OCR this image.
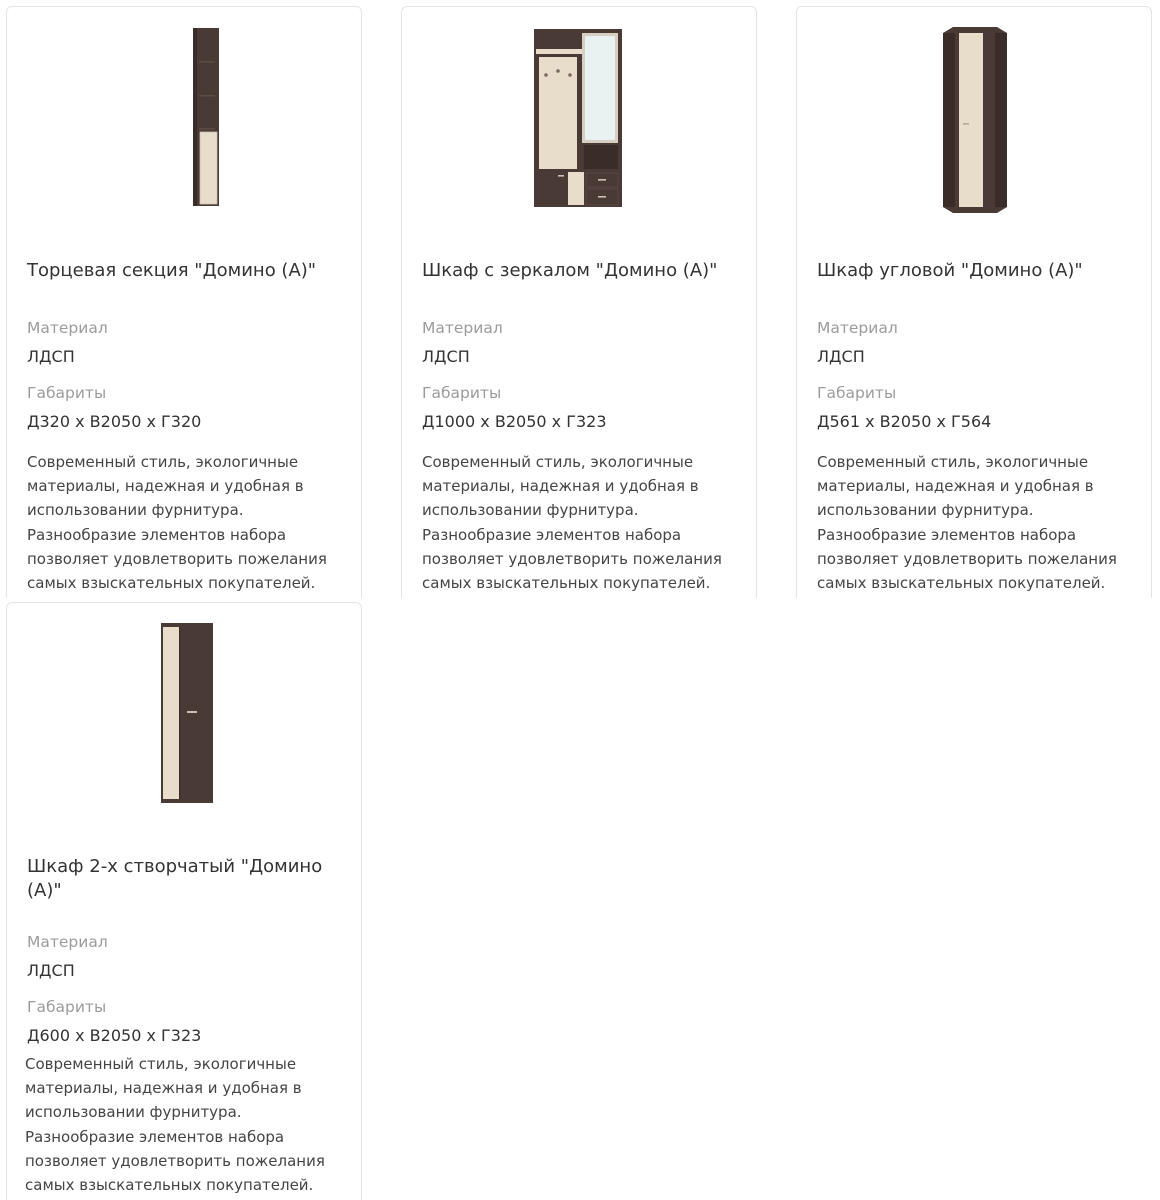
Торцевая секция "Домино (А)"
Материал
ЛДСП
Габариты
Д320 х В2050 х Г320

Современный стиль, экологичные материалы, надежная и удобная в использовании фурнитура. Разнообразие элементов набора позволяет удовлетворить пожелания самых взыскательных покупателей.

Шкаф с зеркалом "Домино (А)"
Материал
ЛДСП
Габариты
Д1000 х В2050 х Г323

Современный стиль, экологичные материалы, надежная и удобная в использовании фурнитура. Разнообразие элементов набора позволяет удовлетворить пожелания самых взыскательных покупателей.

Шкаф угловой "Домино (А)"
Материал
ЛДСП
Габариты
Д561 х В2050 х Г564

Современный стиль, экологичные материалы, надежная и удобная в использовании фурнитура. Разнообразие элементов набора позволяет удовлетворить пожелания самых взыскательных покупателей.

Шкаф 2-х створчатый "Домино (А)"
Материал
ЛДСП
Габариты
Д600 х В2050 х Г323

Современный стиль, экологичные материалы, надежная и удобная в использовании фурнитура. Разнообразие элементов набора позволяет удовлетворить пожелания самых взыскательных покупателей.
